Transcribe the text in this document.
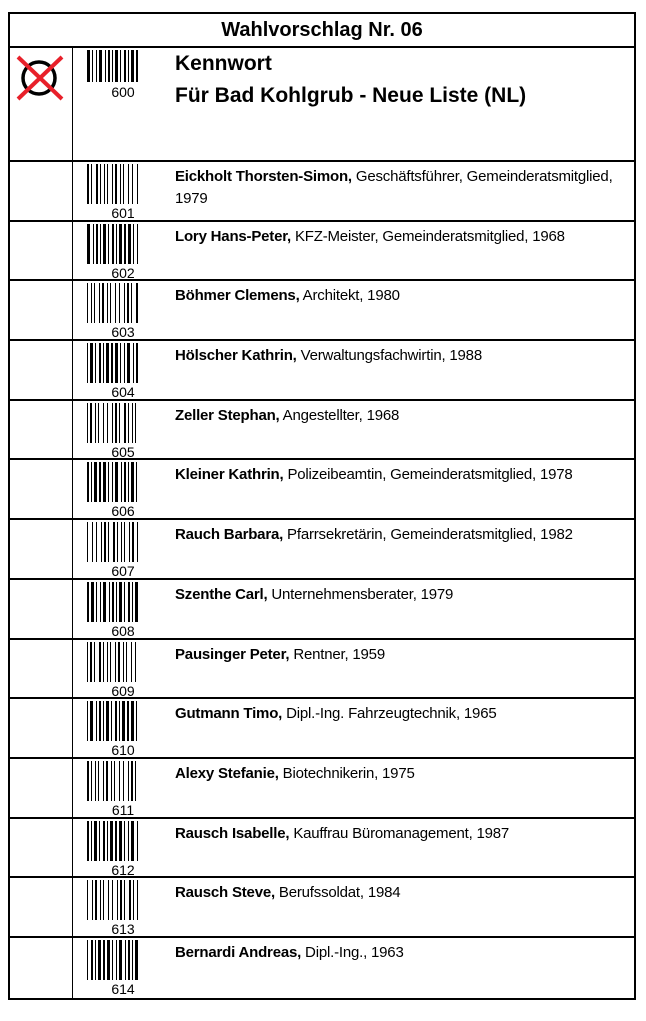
Wahlvorschlag Nr. 06
600
Kennwort
Für Bad Kohlgrub - Neue Liste (NL)
601
Eickholt Thorsten-Simon, Geschäftsführer, Gemeinderatsmitglied, 1979
602
Lory Hans-Peter, KFZ-Meister, Gemeinderatsmitglied, 1968
603
Böhmer Clemens, Architekt, 1980
604
Hölscher Kathrin, Verwaltungsfachwirtin, 1988
605
Zeller Stephan, Angestellter, 1968
606
Kleiner Kathrin, Polizeibeamtin, Gemeinderatsmitglied, 1978
607
Rauch Barbara, Pfarrsekretärin, Gemeinderatsmitglied, 1982
608
Szenthe Carl, Unternehmensberater, 1979
609
Pausinger Peter, Rentner, 1959
610
Gutmann Timo, Dipl.-Ing. Fahrzeugtechnik, 1965
611
Alexy Stefanie, Biotechnikerin, 1975
612
Rausch Isabelle, Kauffrau Büromanagement, 1987
613
Rausch Steve, Berufssoldat, 1984
614
Bernardi Andreas, Dipl.-Ing., 1963
